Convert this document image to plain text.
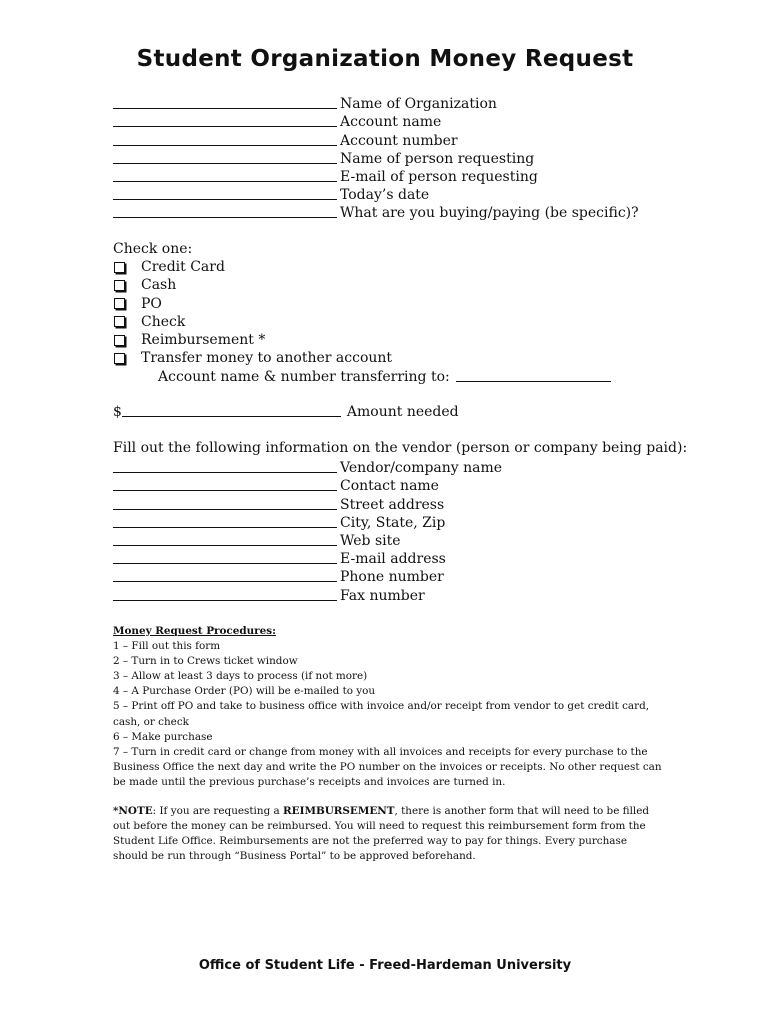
Student Organization Money Request
Name of Organization
Account name
Account number
Name of person requesting
E-mail of person requesting
Today’s date
What are you buying/paying (be specific)?
Check one:
Credit Card
Cash
PO
Check
Reimbursement *
Transfer money to another account
Account name & number transferring to:
$	Amount needed
Fill out the following information on the vendor (person or company being paid):
Vendor/company name
Contact name
Street address
City, State, Zip
Web site
E-mail address
Phone number
Fax number
Money Request Procedures:
1 – Fill out this form
2 – Turn in to Crews ticket window
3 – Allow at least 3 days to process (if not more)
4 – A Purchase Order (PO) will be e-mailed to you
5 – Print off PO and take to business office with invoice and/or receipt from vendor to get credit card, cash, or check
6 – Make purchase
7 – Turn in credit card or change from money with all invoices and receipts for every purchase to the Business Office the next day and write the PO number on the invoices or receipts. No other request can be made until the previous purchase’s receipts and invoices are turned in.
*NOTE: If you are requesting a REIMBURSEMENT, there is another form that will need to be filled out before the money can be reimbursed. You will need to request this reimbursement form from the Student Life Office. Reimbursements are not the preferred way to pay for things. Every purchase should be run through “Business Portal” to be approved beforehand.

Office of Student Life - Freed-Hardeman University
